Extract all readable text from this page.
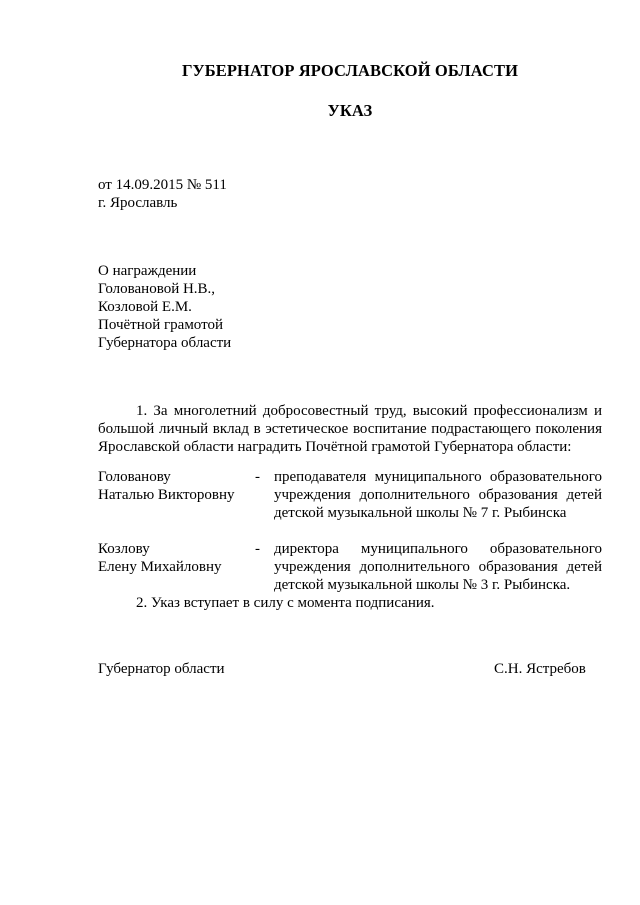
ГУБЕРНАТОР ЯРОСЛАВСКОЙ ОБЛАСТИ
УКАЗ
от 14.09.2015 № 511
г. Ярославль
О награждении
Головановой Н.В.,
Козловой Е.М.
Почётной грамотой
Губернатора области
1. За многолетний добросовестный труд, высокий профессионализм и большой личный вклад в эстетическое воспитание подрастающего поколения Ярославской области наградить Почётной грамотой Губернатора области:
Голованову
Наталью Викторовну
- преподавателя муниципального образовательного
учреждения дополнительного образования детей
детской музыкальной школы № 7 г. Рыбинска
Козлову
Елену Михайловну
- директора муниципального образовательного
учреждения дополнительного образования детей
детской музыкальной школы № 3 г. Рыбинска.
2. Указ вступает в силу с момента подписания.
Губернатор области	С.Н. Ястребов
